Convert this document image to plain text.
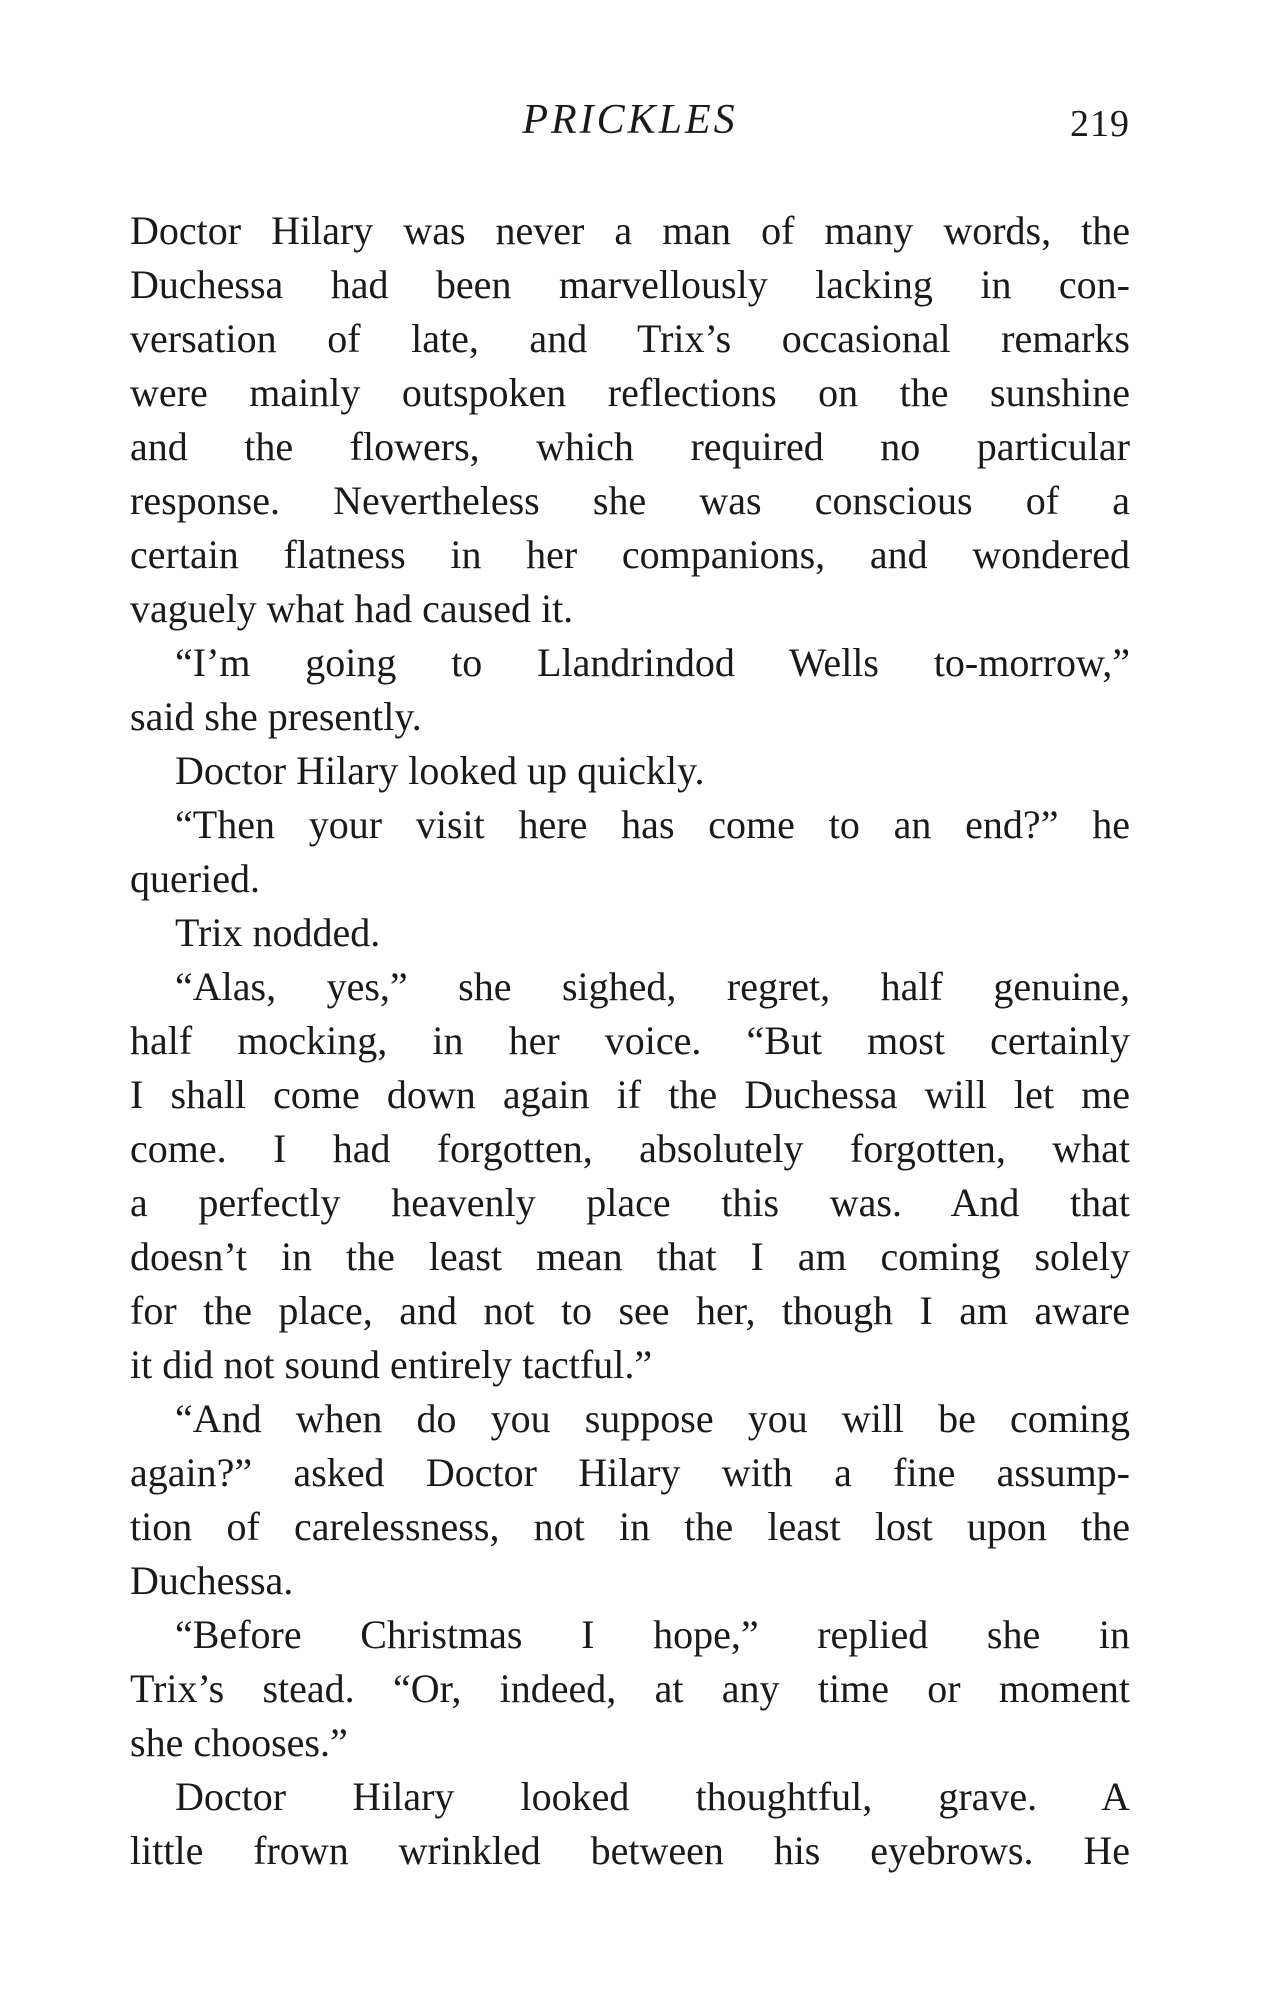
PRICKLES	219
Doctor Hilary was never a man of many words, the
Duchessa had been marvellously lacking in con-
versation of late, and Trix’s occasional remarks
were mainly outspoken reflections on the sunshine
and the flowers, which required no particular
response. Nevertheless she was conscious of a
certain flatness in her companions, and wondered
vaguely what had caused it.
“I’m going to Llandrindod Wells to-morrow,”
said she presently.
Doctor Hilary looked up quickly.
“Then your visit here has come to an end?” he
queried.
Trix nodded.
“Alas, yes,” she sighed, regret, half genuine,
half mocking, in her voice. “But most certainly
I shall come down again if the Duchessa will let me
come. I had forgotten, absolutely forgotten, what
a perfectly heavenly place this was. And that
doesn’t in the least mean that I am coming solely
for the place, and not to see her, though I am aware
it did not sound entirely tactful.”
“And when do you suppose you will be coming
again?” asked Doctor Hilary with a fine assump-
tion of carelessness, not in the least lost upon the
Duchessa.
“Before Christmas I hope,” replied she in
Trix’s stead. “Or, indeed, at any time or moment
she chooses.”
Doctor Hilary looked thoughtful, grave. A
little frown wrinkled between his eyebrows. He
